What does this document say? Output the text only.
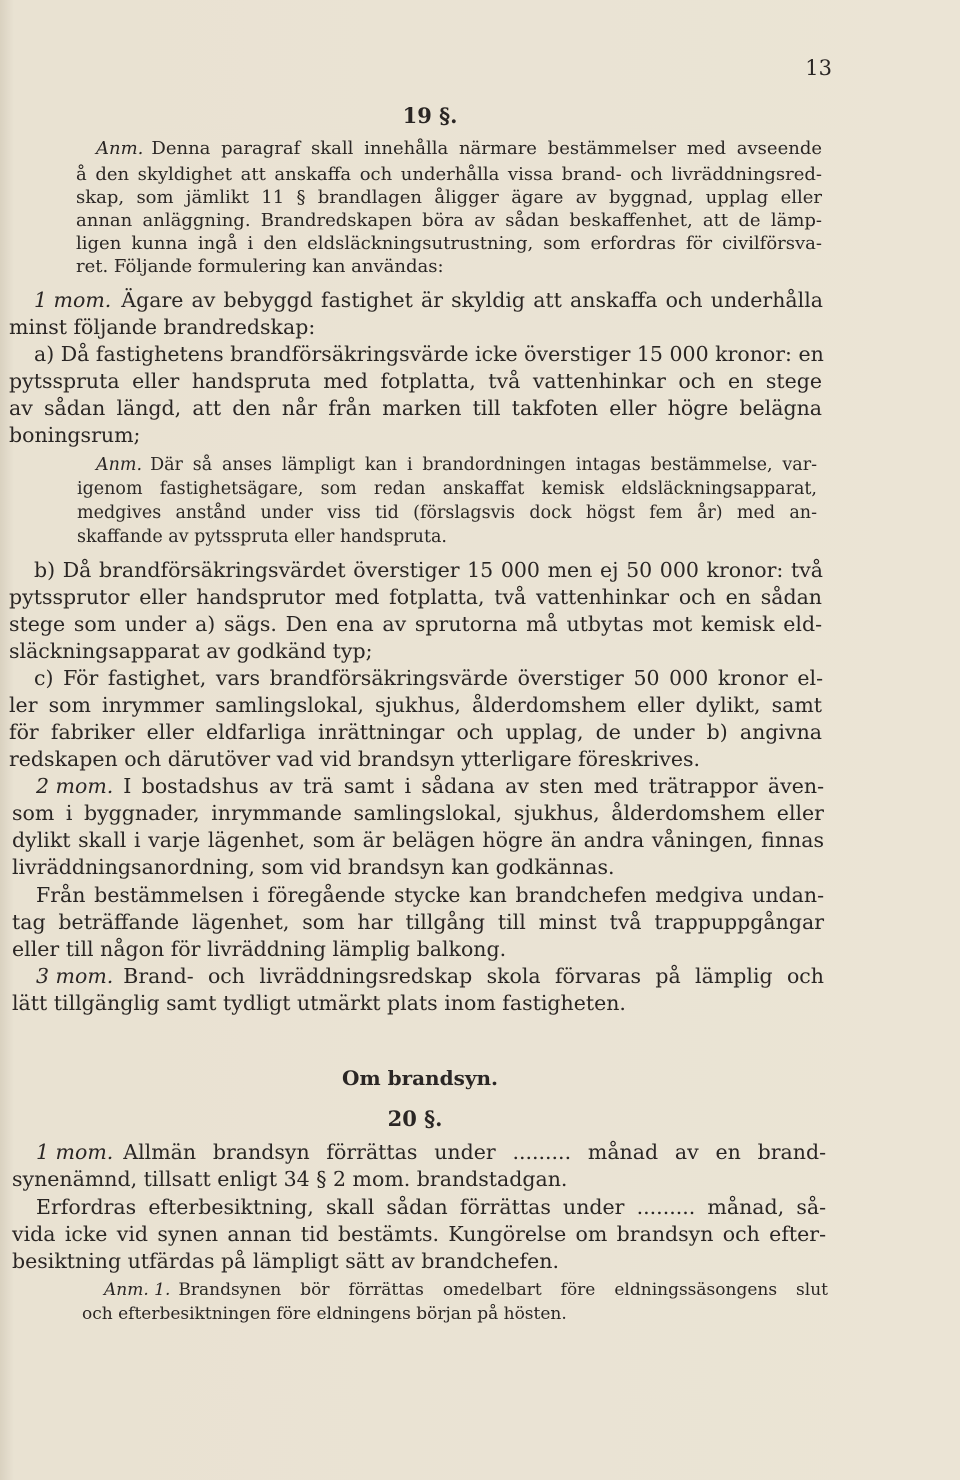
13
19 §.
Anm. Denna paragraf skall innehålla närmare bestämmelser med avseende
å den skyldighet att anskaffa och underhålla vissa brand- och livräddningsred-
skap, som jämlikt 11 § brandlagen åligger ägare av byggnad, upplag eller
annan anläggning. Brandredskapen böra av sådan beskaffenhet, att de lämp-
ligen kunna ingå i den eldsläckningsutrustning, som erfordras för civilförsva-
ret. Följande formulering kan användas:
1 mom. Ägare av bebyggd fastighet är skyldig att anskaffa och underhålla
minst följande brandredskap:
a) Då fastighetens brandförsäkringsvärde icke överstiger 15 000 kronor: en
pytsspruta eller handspruta med fotplatta, två vattenhinkar och en stege
av sådan längd, att den når från marken till takfoten eller högre belägna
boningsrum;
Anm. Där så anses lämpligt kan i brandordningen intagas bestämmelse, var-
igenom fastighetsägare, som redan anskaffat kemisk eldsläckningsapparat,
medgives anstånd under viss tid (förslagsvis dock högst fem år) med an-
skaffande av pytsspruta eller handspruta.
b) Då brandförsäkringsvärdet överstiger 15 000 men ej 50 000 kronor: två
pytssprutor eller handsprutor med fotplatta, två vattenhinkar och en sådan
stege som under a) sägs. Den ena av sprutorna må utbytas mot kemisk eld-
släckningsapparat av godkänd typ;
c) För fastighet, vars brandförsäkringsvärde överstiger 50 000 kronor el-
ler som inrymmer samlingslokal, sjukhus, ålderdomshem eller dylikt, samt
för fabriker eller eldfarliga inrättningar och upplag, de under b) angivna
redskapen och därutöver vad vid brandsyn ytterligare föreskrives.
2 mom. I bostadshus av trä samt i sådana av sten med trätrappor även-
som i byggnader, inrymmande samlingslokal, sjukhus, ålderdomshem eller
dylikt skall i varje lägenhet, som är belägen högre än andra våningen, finnas
livräddningsanordning, som vid brandsyn kan godkännas.
Från bestämmelsen i föregående stycke kan brandchefen medgiva undan-
tag beträffande lägenhet, som har tillgång till minst två trappuppgångar
eller till någon för livräddning lämplig balkong.
3 mom. Brand- och livräddningsredskap skola förvaras på lämplig och
lätt tillgänglig samt tydligt utmärkt plats inom fastigheten.
Om brandsyn.
20 §.
1 mom. Allmän brandsyn förrättas under ......... månad av en brand-
synenämnd, tillsatt enligt 34 § 2 mom. brandstadgan.
Erfordras efterbesiktning, skall sådan förrättas under ......... månad, så-
vida icke vid synen annan tid bestämts. Kungörelse om brandsyn och efter-
besiktning utfärdas på lämpligt sätt av brandchefen.
Anm. 1. Brandsynen bör förrättas omedelbart före eldningssäsongens slut
och efterbesiktningen före eldningens början på hösten.
